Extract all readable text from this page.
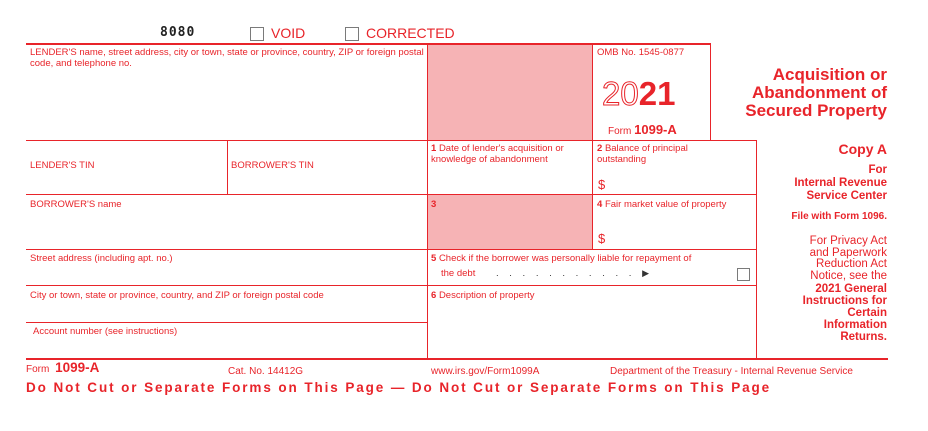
8080	VOID	CORRECTED
LENDER'S name, street address, city or town, state or province, country, ZIP or foreign postal code, and telephone no.
OMB No. 1545-0877
2021
Form 1099-A
Acquisition or
Abandonment of
Secured Property
LENDER'S TIN	BORROWER'S TIN
1 Date of lender's acquisition or knowledge of abandonment
2 Balance of principal outstanding
$
Copy A
For
Internal Revenue
Service Center
File with Form 1096.
For Privacy Act
and Paperwork
Reduction Act
Notice, see the
2021 General
Instructions for
Certain
Information
Returns.
BORROWER'S name	3	4 Fair market value of property
$
Street address (including apt. no.)	5 Check if the borrower was personally liable for repayment of
the debt . . . . . . . . . . . ▶
City or town, state or province, country, and ZIP or foreign postal code	6 Description of property
Account number (see instructions)
Form 1099-A	Cat. No. 14412G	www.irs.gov/Form1099A	Department of the Treasury - Internal Revenue Service
Do Not Cut or Separate Forms on This Page — Do Not Cut or Separate Forms on This Page
